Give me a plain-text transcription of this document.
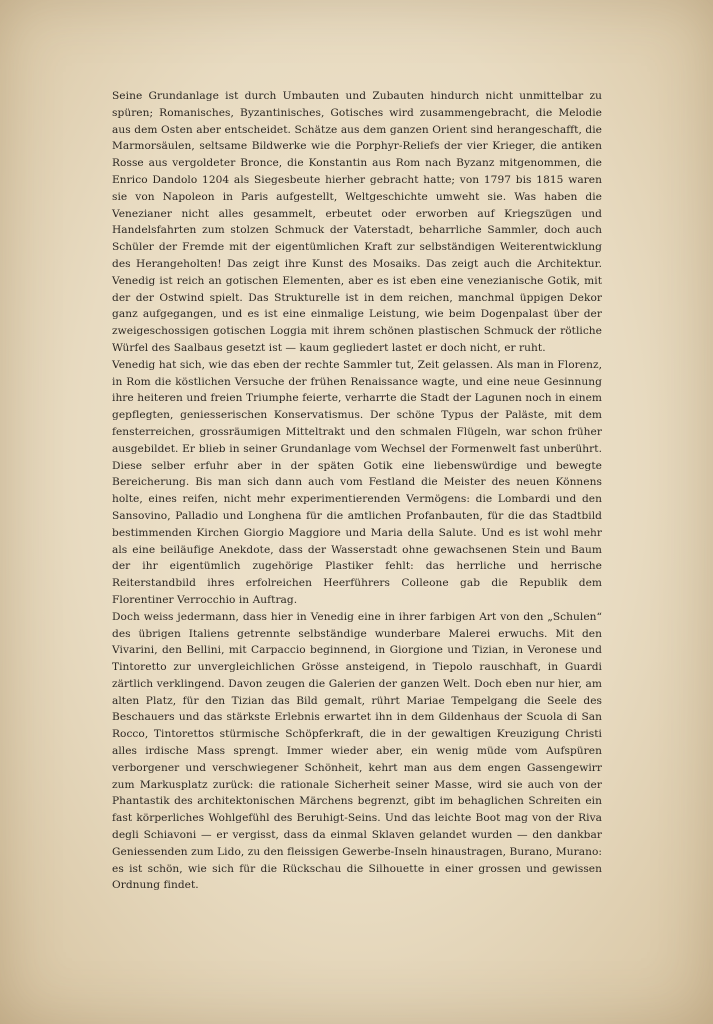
Seine Grundanlage ist durch Umbauten und Zubauten hindurch nicht unmittelbar zu spüren; Romanisches, Byzantinisches, Gotisches wird zusammengebracht, die Melodie aus dem Osten aber entscheidet. Schätze aus dem ganzen Orient sind herangeschafft, die Marmorsäulen, seltsame Bildwerke wie die Porphyr-Reliefs der vier Krieger, die antiken Rosse aus vergoldeter Bronce, die Konstantin aus Rom nach Byzanz mitgenommen, die Enrico Dandolo 1204 als Siegesbeute hierher gebracht hatte; von 1797 bis 1815 waren sie von Napoleon in Paris aufgestellt, Weltgeschichte umweht sie. Was haben die Venezianer nicht alles gesammelt, erbeutet oder erworben auf Kriegszügen und Handelsfahrten zum stolzen Schmuck der Vaterstadt, beharrliche Sammler, doch auch Schüler der Fremde mit der eigentümlichen Kraft zur selbständigen Weiterentwicklung des Herangeholten! Das zeigt ihre Kunst des Mosaiks. Das zeigt auch die Architektur. Venedig ist reich an gotischen Elementen, aber es ist eben eine venezianische Gotik, mit der der Ostwind spielt. Das Strukturelle ist in dem reichen, manchmal üppigen Dekor ganz aufgegangen, und es ist eine einmalige Leistung, wie beim Dogenpalast über der zweigeschossigen gotischen Loggia mit ihrem schönen plastischen Schmuck der rötliche Würfel des Saalbaus gesetzt ist — kaum gegliedert lastet er doch nicht, er ruht.

Venedig hat sich, wie das eben der rechte Sammler tut, Zeit gelassen. Als man in Florenz, in Rom die köstlichen Versuche der frühen Renaissance wagte, und eine neue Gesinnung ihre heiteren und freien Triumphe feierte, verharrte die Stadt der Lagunen noch in einem gepflegten, geniesserischen Konservatismus. Der schöne Typus der Paläste, mit dem fensterreichen, grossräumigen Mitteltrakt und den schmalen Flügeln, war schon früher ausgebildet. Er blieb in seiner Grundanlage vom Wechsel der Formenwelt fast unberührt. Diese selber erfuhr aber in der späten Gotik eine liebenswürdige und bewegte Bereicherung. Bis man sich dann auch vom Festland die Meister des neuen Könnens holte, eines reifen, nicht mehr experimentierenden Vermögens: die Lombardi und den Sansovino, Palladio und Longhena für die amtlichen Profanbauten, für die das Stadtbild bestimmenden Kirchen Giorgio Maggiore und Maria della Salute. Und es ist wohl mehr als eine beiläufige Anekdote, dass der Wasserstadt ohne gewachsenen Stein und Baum der ihr eigentümlich zugehörige Plastiker fehlt: das herrliche und herrische Reiterstandbild ihres erfolreichen Heerführers Colleone gab die Republik dem Florentiner Verrocchio in Auftrag.

Doch weiss jedermann, dass hier in Venedig eine in ihrer farbigen Art von den „Schulen“ des übrigen Italiens getrennte selbständige wunderbare Malerei erwuchs. Mit den Vivarini, den Bellini, mit Carpaccio beginnend, in Giorgione und Tizian, in Veronese und Tintoretto zur unvergleichlichen Grösse ansteigend, in Tiepolo rauschhaft, in Guardi zärtlich verklingend. Davon zeugen die Galerien der ganzen Welt. Doch eben nur hier, am alten Platz, für den Tizian das Bild gemalt, rührt Mariae Tempelgang die Seele des Beschauers und das stärkste Erlebnis erwartet ihn in dem Gildenhaus der Scuola di San Rocco, Tintorettos stürmische Schöpferkraft, die in der gewaltigen Kreuzigung Christi alles irdische Mass sprengt. Immer wieder aber, ein wenig müde vom Aufspüren verborgener und verschwiegener Schönheit, kehrt man aus dem engen Gassengewirr zum Markusplatz zurück: die rationale Sicherheit seiner Masse, wird sie auch von der Phantastik des architektonischen Märchens begrenzt, gibt im behaglichen Schreiten ein fast körperliches Wohlgefühl des Beruhigt-Seins. Und das leichte Boot mag von der Riva degli Schiavoni — er vergisst, dass da einmal Sklaven gelandet wurden — den dankbar Geniessenden zum Lido, zu den fleissigen Gewerbe-Inseln hinaustragen, Burano, Murano: es ist schön, wie sich für die Rückschau die Silhouette in einer grossen und gewissen Ordnung findet.
